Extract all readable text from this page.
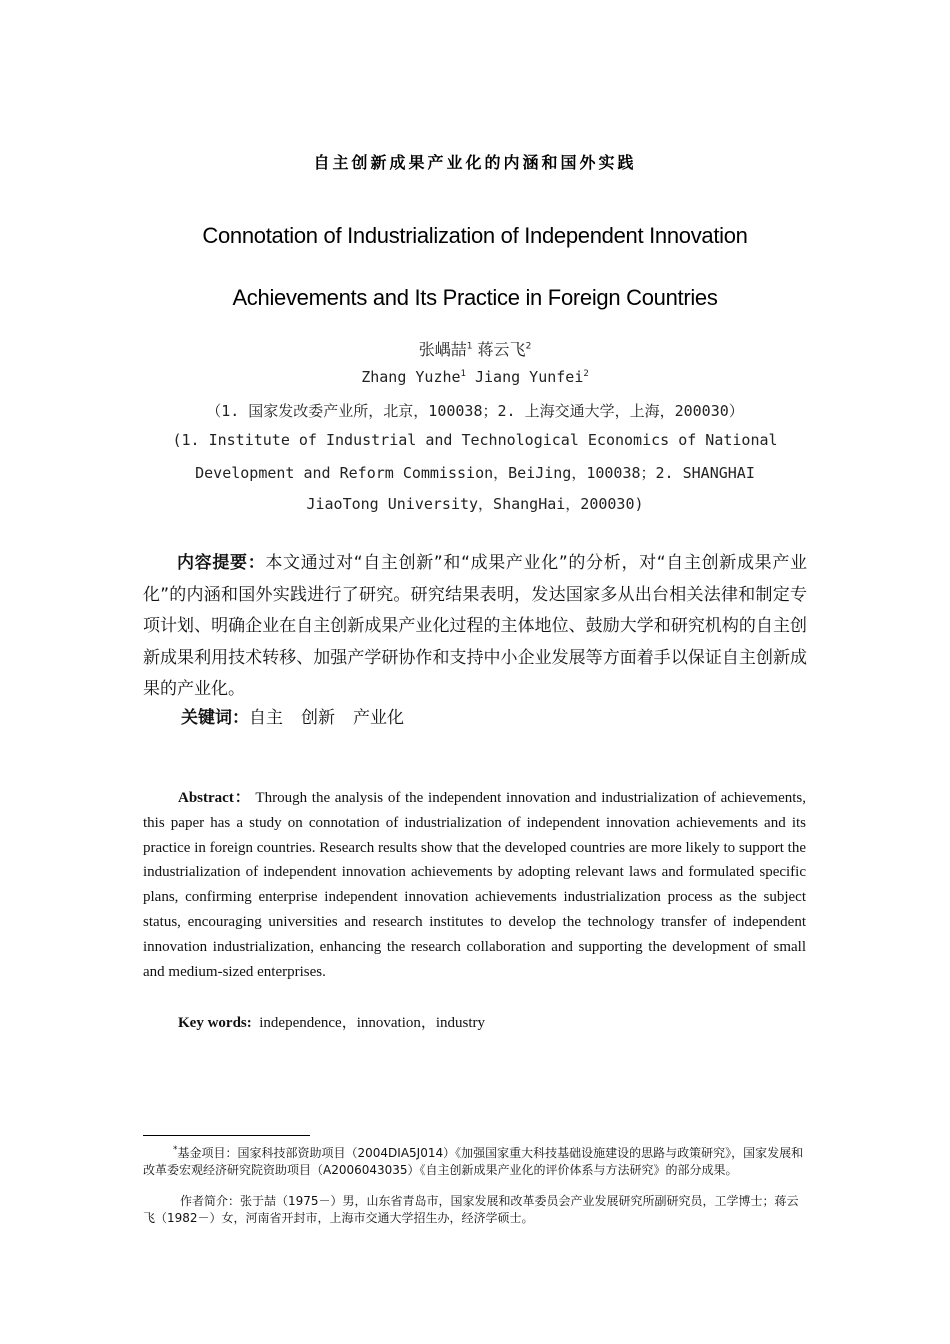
自主创新成果产业化的内涵和国外实践
Connotation of Industrialization of Independent Innovation
Achievements and Its Practice in Foreign Countries
张嵎喆$^1$ 蒋云飞$^2$
Zhang Yuzhe$^1$ Jiang Yunfei$^2$
（1. 国家发改委产业所，北京，100038；2. 上海交通大学，上海，200030）
(1. Institute of Industrial and Technological Economics of National
Development and Reform Commission，BeiJing，100038；2. SHANGHAI
JiaoTong University，ShangHai，200030)
内容提要：本文通过对“自主创新”和“成果产业化”的分析，对“自主创新成果产业化”的内涵和国外实践进行了研究。研究结果表明，发达国家多从出台相关法律和制定专项计划、明确企业在自主创新成果产业化过程的主体地位、鼓励大学和研究机构的自主创新成果利用技术转移、加强产学研协作和支持中小企业发展等方面着手以保证自主创新成果的产业化。
关键词：自主 创新 产业化
Abstract： Through the analysis of the independent innovation and industrialization of achievements, this paper has a study on connotation of industrialization of independent innovation achievements and its practice in foreign countries. Research results show that the developed countries are more likely to support the industrialization of independent innovation achievements by adopting relevant laws and formulated specific plans, confirming enterprise independent innovation achievements industrialization process as the subject status, encouraging universities and research institutes to develop the technology transfer of independent innovation industrialization, enhancing the research collaboration and supporting the development of small and medium-sized enterprises.
Key words: independence，innovation，industry
*基金项目：国家科技部资助项目（2004DIA5J014）《加强国家重大科技基础设施建设的思路与政策研究》，国家发展和改革委宏观经济研究院资助项目（A2006043035）《自主创新成果产业化的评价体系与方法研究》的部分成果。
作者简介：张于喆（1975－）男，山东省青岛市，国家发展和改革委员会产业发展研究所副研究员，工学博士；蒋云飞（1982－）女，河南省开封市，上海市交通大学招生办，经济学硕士。
